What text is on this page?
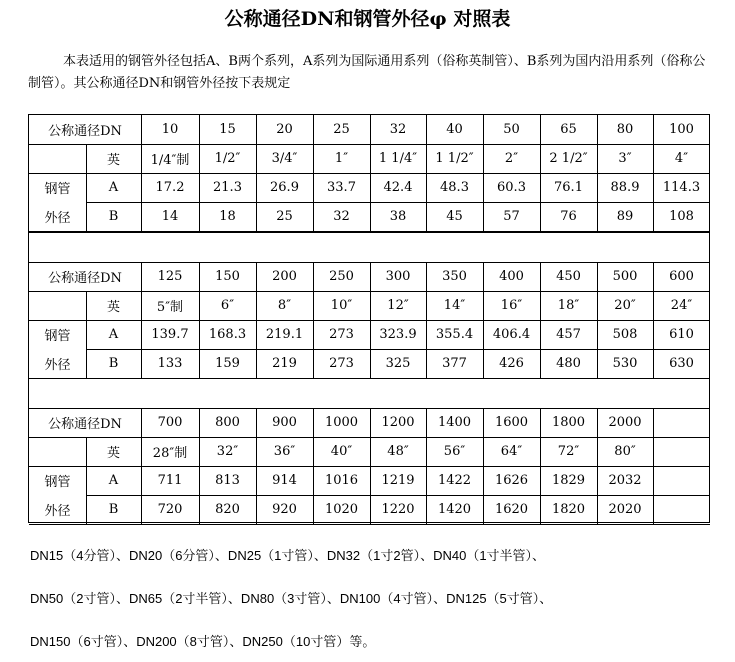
公称通径DN和钢管外径φ 对照表
本表适用的钢管外径包括A、B两个系列，A系列为国际通用系列（俗称英制管）、B系列为国内沿用系列（俗称公制管）。其公称通径DN和钢管外径按下表规定
公称通径DN
英
钢管
外径
A
B
10
1/4″制
17.2
14
15
1/2″
21.3
18
20
3/4″
26.9
25
25
1″
33.7
32
32
1 1/4″
42.4
38
40
1 1/2″
48.3
45
50
2″
60.3
57
65
2 1/2″
76.1
76
80
3″
88.9
89
100
4″
114.3
108
公称通径DN
英
钢管
外径
A
B
125
5″制
139.7
133
150
6″
168.3
159
200
8″
219.1
219
250
10″
273
273
300
12″
323.9
325
350
14″
355.4
377
400
16″
406.4
426
450
18″
457
480
500
20″
508
530
600
24″
610
630
公称通径DN
英
钢管
外径
A
B
700
28″制
711
720
800
32″
813
820
900
36″
914
920
1000
40″
1016
1020
1200
48″
1219
1220
1400
56″
1422
1420
1600
64″
1626
1620
1800
72″
1829
1820
2000
80″
2032
2020
DN15（4分管）、DN20（6分管）、DN25（1寸管）、DN32（1寸2管）、DN40（1寸半管）、
DN50（2寸管）、DN65（2寸半管）、DN80（3寸管）、DN100（4寸管）、DN125（5寸管）、
DN150（6寸管）、DN200（8寸管）、DN250（10寸管）等。
